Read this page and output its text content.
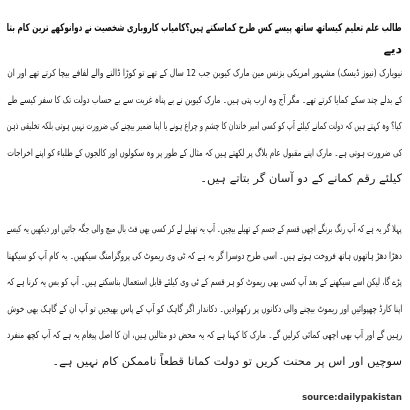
طالب علم تعلیم کیساتھ ساتھ پیسے کس طرح کماسکتے ہیں؟کامیاب کاروباری شخصیت نے دوانوکھے ترین کام بتا
دیے
نیویارک (نیوز ڈیسک) مشہور امریکی بزنس مین مارک کیوبن جب 12 سال کے تھے تو کوڑا ڈالنے والے لفافے بیچا کرتے تھے اور ان
کے بدلے چند سکے کمایا کرتے تھے۔ مگر آج وہ ارب پتی ہیں۔ مارک کیوبن نے بے پناہ غربت سے بے حساب دولت تک کا سفر کیسے طے
کیا؟ وہ کہتے ہیں کہ دولت کمانے کیلئے آپ کو کسی امیر خاندان کا چشم و چراغ ہونے یا اپنا ضمیر بیچنے کی ضرورت نہیں ہوتی بلکہ تخلیقی ذہن
کی ضرورت ہوتی ہے۔ مارک اپنے مقبول عام بلاگ پر لکھتے ہیں کہ مثال کے طور پر وہ سکولوں اور کالجوں کے طلباء کو اپنے اخراجات
کیلئے رقم کمانے کے دو آسان گر بتاتے ہیں۔
پہلا گر یہ ہے کہ آپ رنگ برنگے اچھی قسم کے جسم کے تھیلے بیچیں۔ آپ یہ تھیلے لے کر کسی بھی فٹ بال میچ والی جگہ جائیں اور دیکھیں یہ کیسے
دھڑا دھڑ ہاتھوں ہاتھ فروخت ہوتے ہیں۔ اسی طرح دوسرا گر یہ ہے کہ ٹی وی ریموٹ کی پروگرامنگ سیکھیں۔ یہ کام آپ کو سیکھنا
پڑے گا، لیکن اسے سیکھنے کے بعد آپ کسی بھی ریموٹ کو ہر قسم کے ٹی وی کیلئے قابل استعمال بناسکتے ہیں۔ آپ کو بس یہ کرنا ہے کہ
اپنا کارڈ چھپوائیں اور ریموٹ بیچنے والی دکانوں پر رکھوادیں۔ دکاندار اگر گاہک کو آپ کے پاس بھیجیں تو آپ ان کے گاہک بھی خوش
رہیں گے اور آپ بھی اچھی کمائی کرلیں گے۔ مارک کا کہنا ہے کہ یہ محض دو مثالیں ہیں، ان کا اصل پیغام یہ ہے کہ آپ کچھ منفرد
سوچیں اور اس پر محنت کریں تو دولت کمانا قطعاً ناممکن کام نہیں ہے۔
source:dailypakistan
